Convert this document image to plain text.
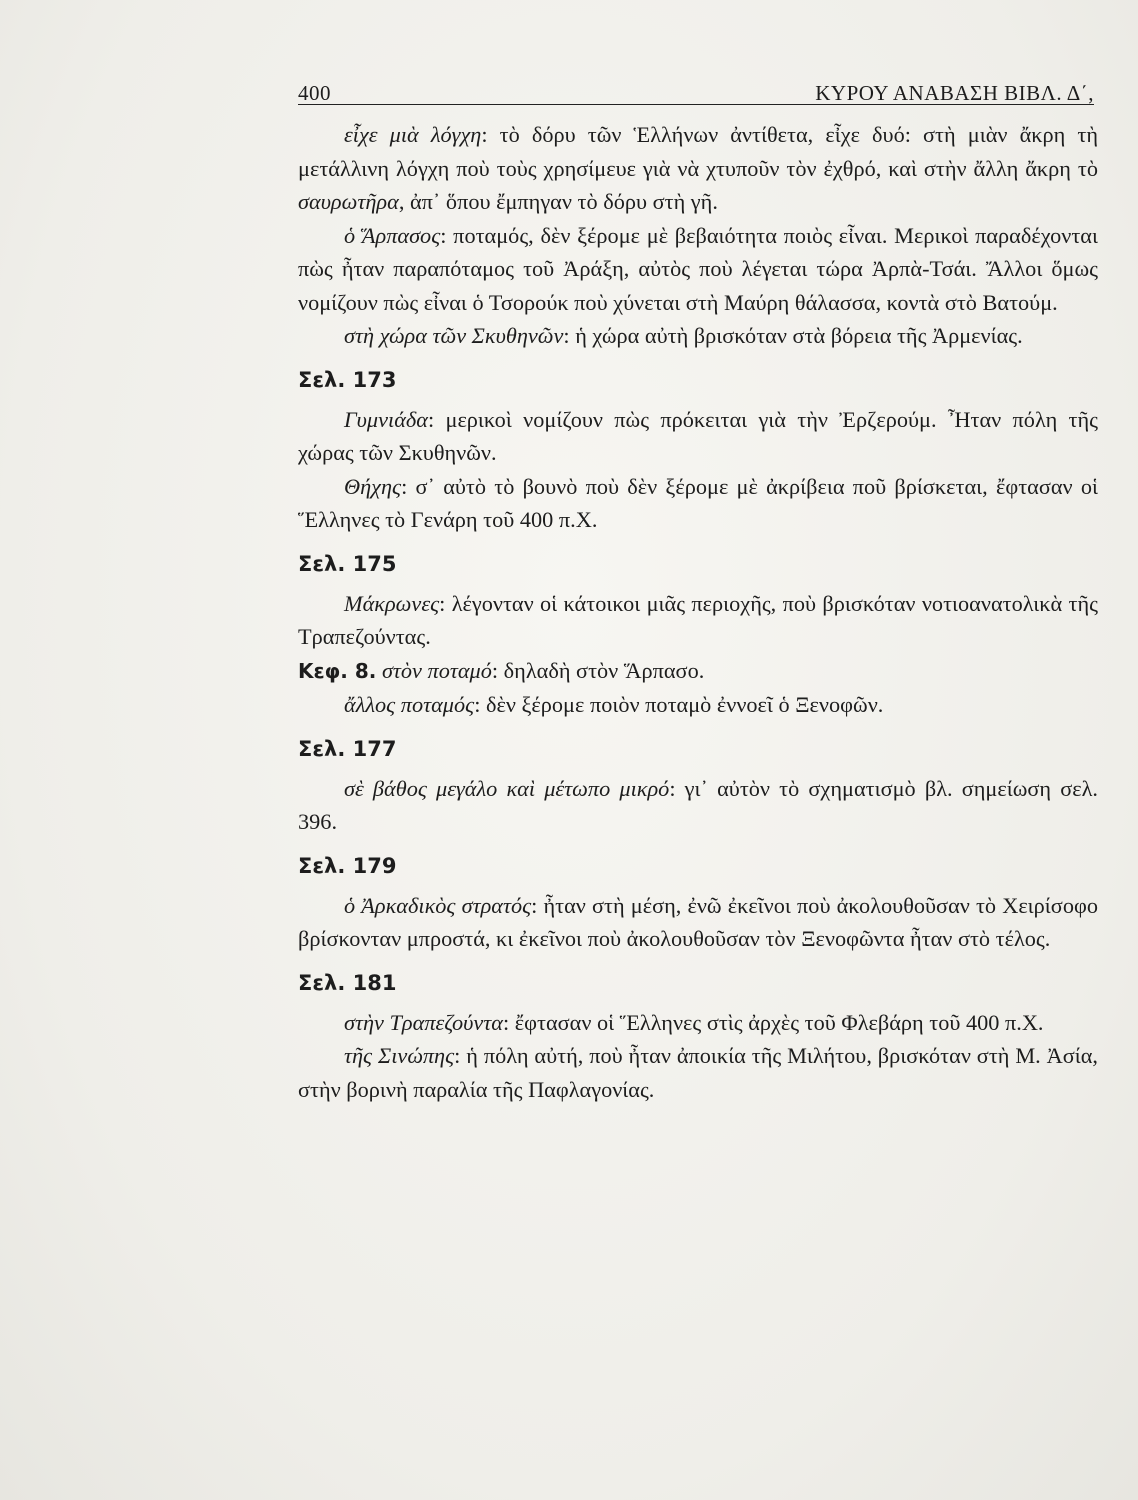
400	ΚΥΡΟΥ ΑΝΑΒΑΣΗ ΒΙΒΛ. Δ΄,

εἶχε μιὰ λόγχη: τὸ δόρυ τῶν Ἑλλήνων ἀντίθετα, εἶχε δυό: στὴ μιὰν ἄκρη τὴ μετάλλινη λόγχη ποὺ τοὺς χρησίμευε γιὰ νὰ χτυποῦν τὸν ἐχθρό, καὶ στὴν ἄλλη ἄκρη τὸ σαυρωτῆρα, ἀπ᾿ ὅπου ἔμπηγαν τὸ δόρυ στὴ γῆ.

ὁ Ἅρπασος: ποταμός, δὲν ξέρομε μὲ βεβαιότητα ποιὸς εἶναι. Μερικοὶ παραδέχονται πὼς ἦταν παραπόταμος τοῦ Ἀράξη, αὐτὸς ποὺ λέγεται τώρα Ἀρπὰ-Τσάι. Ἄλλοι ὅμως νομίζουν πὼς εἶναι ὁ Τσορούκ ποὺ χύνεται στὴ Μαύρη θάλασσα, κοντὰ στὸ Βατούμ.

στὴ χώρα τῶν Σκυθηνῶν: ἡ χώρα αὐτὴ βρισκόταν στὰ βόρεια τῆς Ἀρμενίας.

Σελ. 173

Γυμνιάδα: μερικοὶ νομίζουν πὼς πρόκειται γιὰ τὴν Ἐρζερούμ. Ἦταν πόλη τῆς χώρας τῶν Σκυθηνῶν.

Θήχης: σ᾿ αὐτὸ τὸ βουνὸ ποὺ δὲν ξέρομε μὲ ἀκρίβεια ποῦ βρίσκεται, ἔφτασαν οἱ Ἕλληνες τὸ Γενάρη τοῦ 400 π.Χ.

Σελ. 175

Μάκρωνες: λέγονταν οἱ κάτοικοι μιᾶς περιοχῆς, ποὺ βρισκόταν νοτιοανατολικὰ τῆς Τραπεζούντας.

Κεφ. 8. στὸν ποταμό: δηλαδὴ στὸν Ἅρπασο.

ἄλλος ποταμός: δὲν ξέρομε ποιὸν ποταμὸ ἐννοεῖ ὁ Ξενοφῶν.

Σελ. 177

σὲ βάθος μεγάλο καὶ μέτωπο μικρό: γι᾿ αὐτὸν τὸ σχηματισμὸ βλ. σημείωση σελ. 396.

Σελ. 179

ὁ Ἀρκαδικὸς στρατός: ἦταν στὴ μέση, ἐνῶ ἐκεῖνοι ποὺ ἀκολουθοῦσαν τὸ Χειρίσοφο βρίσκονταν μπροστά, κι ἐκεῖνοι ποὺ ἀκολουθοῦσαν τὸν Ξενοφῶντα ἦταν στὸ τέλος.

Σελ. 181

στὴν Τραπεζούντα: ἔφτασαν οἱ Ἕλληνες στὶς ἀρχὲς τοῦ Φλεβάρη τοῦ 400 π.Χ.

τῆς Σινώπης: ἡ πόλη αὐτή, ποὺ ἦταν ἀποικία τῆς Μιλήτου, βρισκόταν στὴ Μ. Ἀσία, στὴν βορινὴ παραλία τῆς Παφλαγονίας.
